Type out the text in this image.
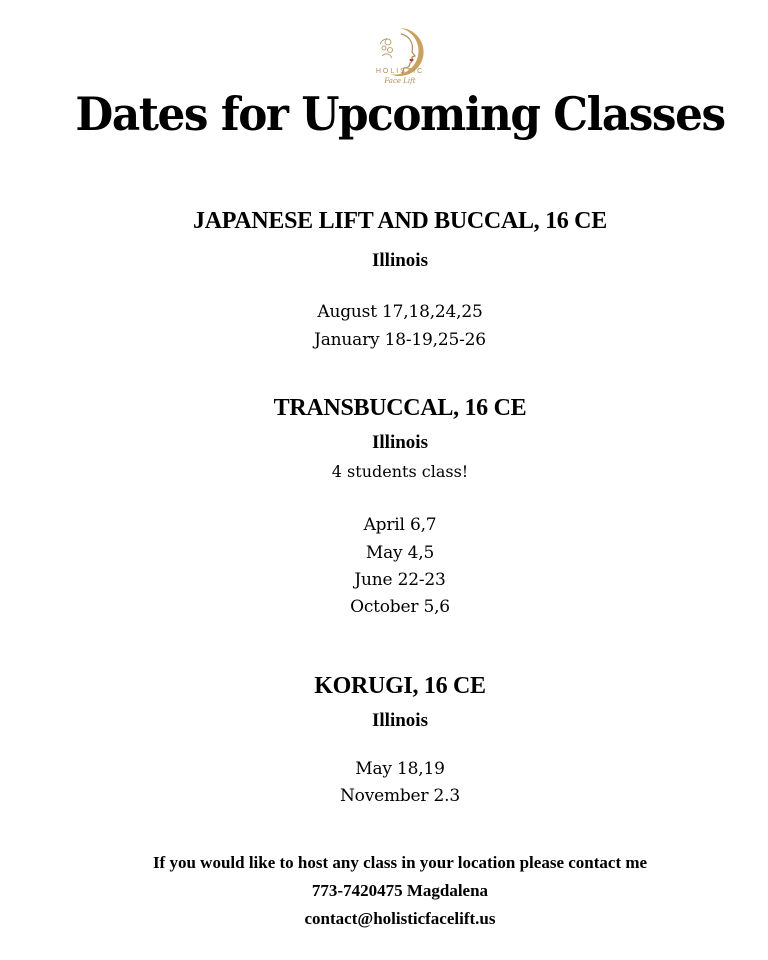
HOLISTIC
Face Lift
Dates for Upcoming Classes
JAPANESE LIFT AND BUCCAL, 16 CE
Illinois
August 17,18,24,25
January 18-19,25-26
TRANSBUCCAL, 16 CE
Illinois
4 students class!
April 6,7
May 4,5
June 22-23
October 5,6
KORUGI, 16 CE
Illinois
May 18,19
November 2.3
If you would like to host any class in your location please contact me
773-7420475 Magdalena
contact@holisticfacelift.us
